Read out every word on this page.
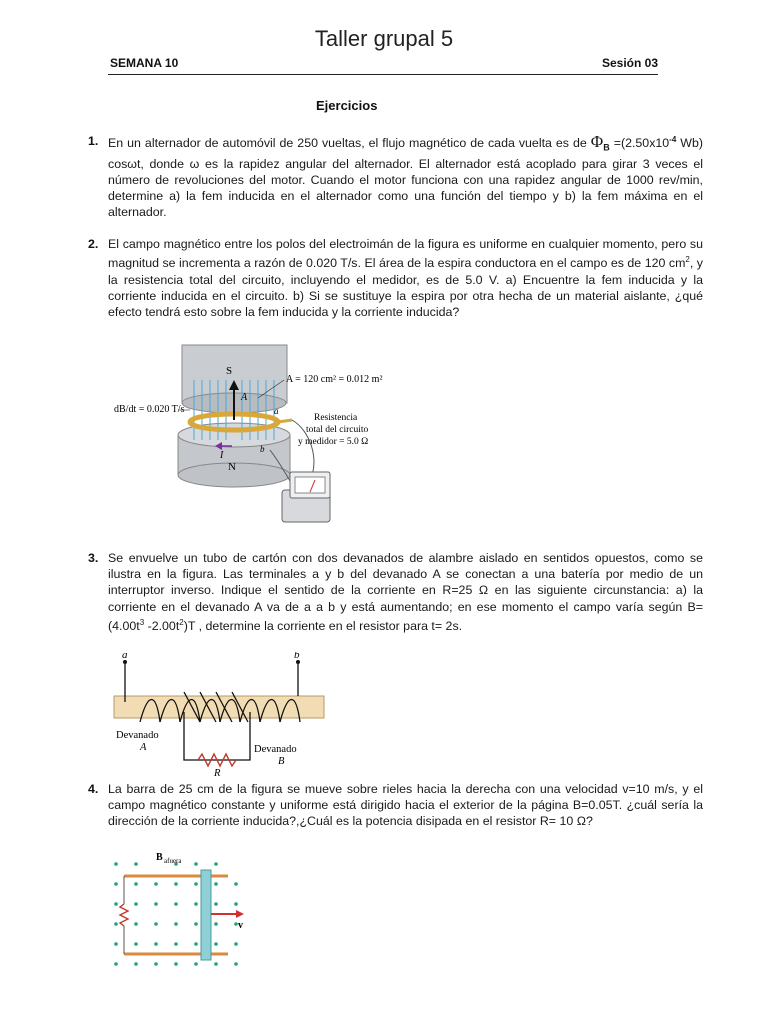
Taller grupal 5
SEMANA 10	Sesión 03
Ejercicios
1. En un alternador de automóvil de 250 vueltas, el flujo magnético de cada vuelta es de $\Phi_B =(2.50x10^{-4}$ Wb) cosωt, donde ω es la rapidez angular del alternador. El alternador está acoplado para girar 3 veces el número de revoluciones del motor. Cuando el motor funciona con una rapidez angular de 1000 rev/min, determine a) la fem inducida en el alternador como una función del tiempo y b) la fem máxima en el alternador.
2. El campo magnético entre los polos del electroimán de la figura es uniforme en cualquier momento, pero su magnitud se incrementa a razón de 0.020 T/s. El área de la espira conductora en el campo es de 120 $cm^2$, y la resistencia total del circuito, incluyendo el medidor, es de 5.0 V. a) Encuentre la fem inducida y la corriente inducida en el circuito. b) Si se sustituye la espira por otra hecha de un material aislante, ¿qué efecto tendrá esto sobre la fem inducida y la corriente inducida?
A
S
N
I
A = 120 cm² = 0.012 m²
dB/dt = 0.020 T/s	a
b
Resistencia
total del circuito
y medidor = 5.0 Ω
3. Se envuelve un tubo de cartón con dos devanados de alambre aislado en sentidos opuestos, como se ilustra en la figura. Las terminales a y b del devanado A se conectan a una batería por medio de un interruptor inverso. Indique el sentido de la corriente en R=25 Ω en las siguiente circunstancia: a) la corriente en el devanado A va de a a b y está aumentando; en ese momento el campo varía según $B=(4.00t^3$ $-2.00t^2)T$ , determine la corriente en el resistor para t= 2s.
a	b
Devanado
A	Devanado
B
R
4. La barra de 25 cm de la figura se mueve sobre rieles hacia la derecha con una velocidad v=10 m/s, y el campo magnético constante y uniforme está dirigido hacia el exterior de la página B=0.05T. ¿cuál sería la dirección de la corriente inducida?,¿Cuál es la potencia disipada en el resistor R= 10 Ω?
v
B afuera
